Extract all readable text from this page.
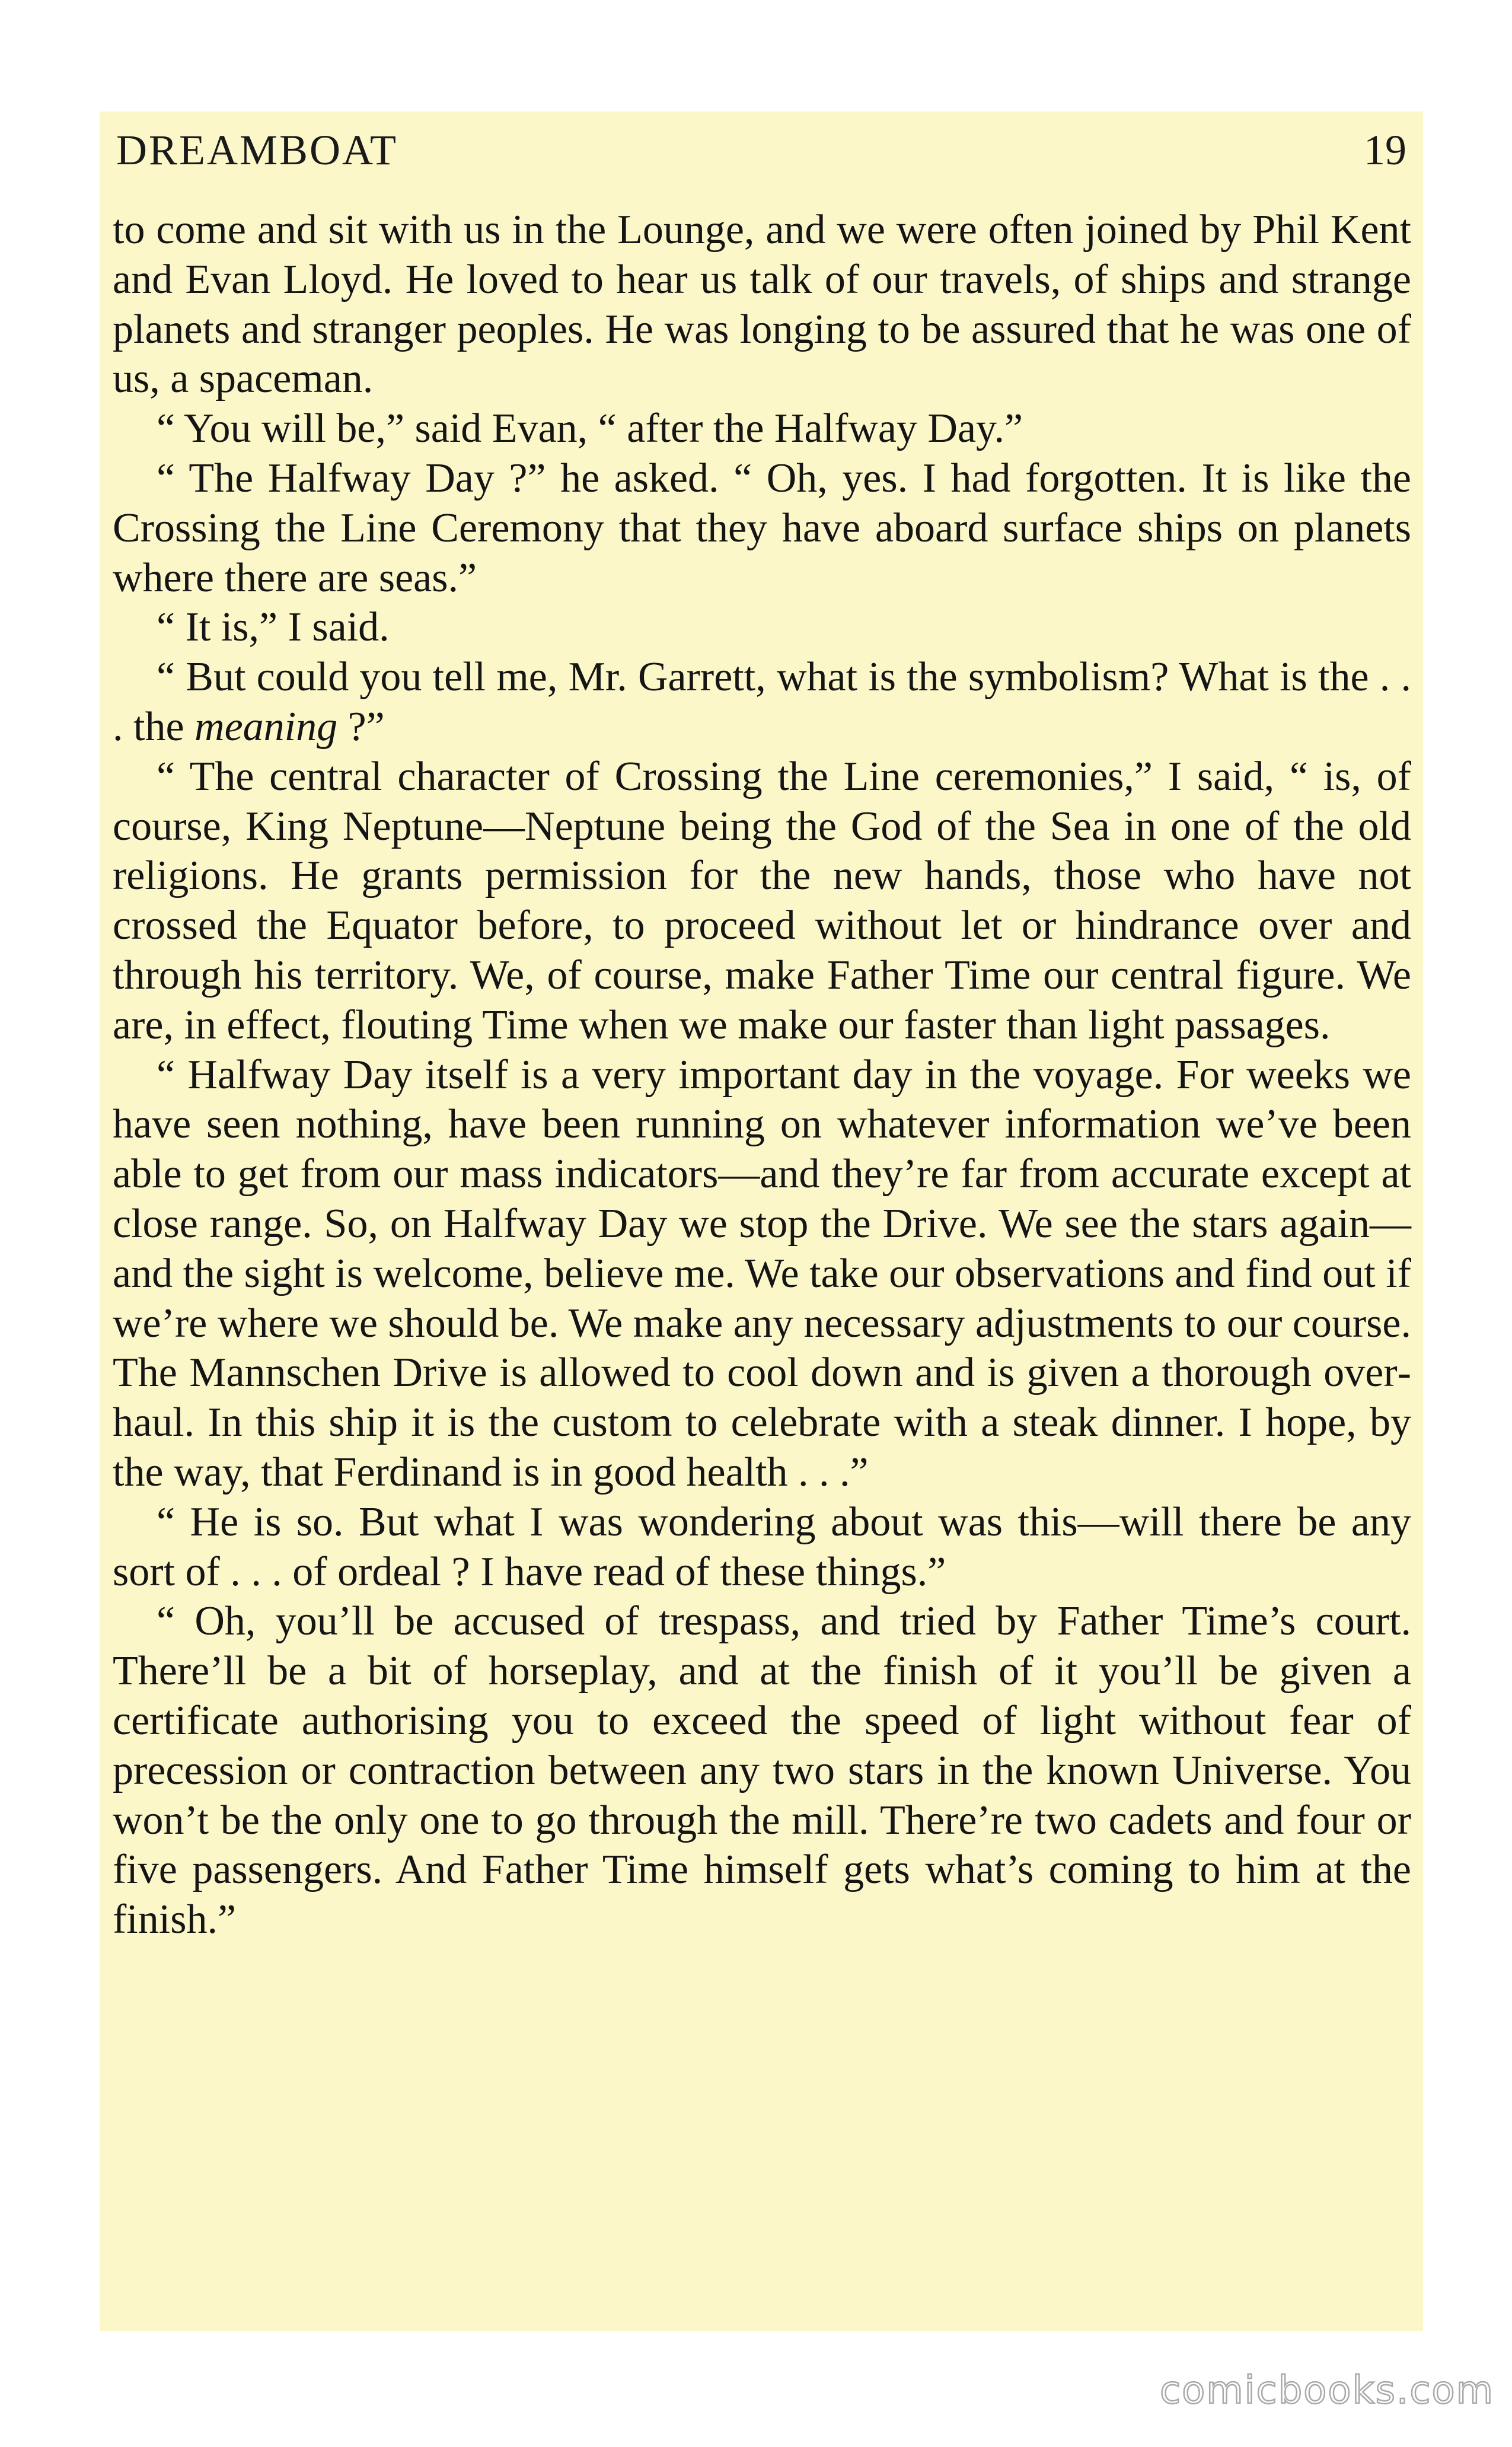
DREAMBOAT	19

to come and sit with us in the Lounge, and we were often joined by Phil Kent and Evan Lloyd. He loved to hear us talk of our travels, of ships and strange planets and stranger peoples. He was longing to be assured that he was one of us, a spaceman.

“ You will be,” said Evan, “ after the Halfway Day.”

“ The Halfway Day ?” he asked. “ Oh, yes. I had forgotten. It is like the Crossing the Line Ceremony that they have aboard surface ships on planets where there are seas.”

“ It is,” I said.

“ But could you tell me, Mr. Garrett, what is the symbolism? What is the . . . the meaning ?”

“ The central character of Crossing the Line ceremonies,” I said, “ is, of course, King Neptune—Neptune being the God of the Sea in one of the old religions. He grants permission for the new hands, those who have not crossed the Equator before, to proceed without let or hindrance over and through his territory. We, of course, make Father Time our central figure. We are, in effect, flouting Time when we make our faster than light passages.

“ Halfway Day itself is a very important day in the voyage. For weeks we have seen nothing, have been running on whatever information we’ve been able to get from our mass indicators—and they’re far from accurate except at close range. So, on Halfway Day we stop the Drive. We see the stars again—and the sight is welcome, believe me. We take our observations and find out if we’re where we should be. We make any necessary adjustments to our course. The Mannschen Drive is allowed to cool down and is given a thorough overhaul. In this ship it is the custom to celebrate with a steak dinner. I hope, by the way, that Ferdinand is in good health . . .”

“ He is so. But what I was wondering about was this—will there be any sort of . . . of ordeal ? I have read of these things.”

“ Oh, you’ll be accused of trespass, and tried by Father Time’s court. There’ll be a bit of horseplay, and at the finish of it you’ll be given a certificate authorising you to exceed the speed of light without fear of precession or contraction between any two stars in the known Universe. You won’t be the only one to go through the mill. There’re two cadets and four or five passengers. And Father Time himself gets what’s coming to him at the finish.”

comicbooks.com
